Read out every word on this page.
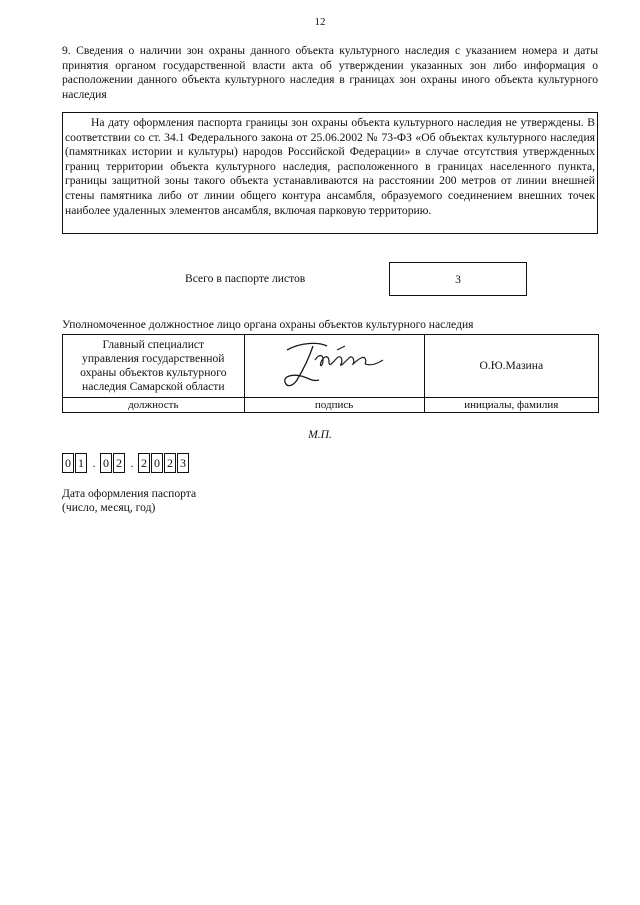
12
9. Сведения о наличии зон охраны данного объекта культурного наследия с указанием номера и даты принятия органом государственной власти акта об утверждении указанных зон либо информация о расположении данного объекта культурного наследия в границах зон охраны иного объекта культурного наследия
На дату оформления паспорта границы зон охраны объекта культурного наследия не утверждены. В соответствии со ст. 34.1 Федерального закона от 25.06.2002 № 73-ФЗ «Об объектах культурного наследия (памятниках истории и культуры) народов Российской Федерации» в случае отсутствия утвержденных границ территории объекта культурного наследия, расположенного в границах населенного пункта, границы защитной зоны такого объекта устанавливаются на расстоянии 200 метров от линии внешней стены памятника либо от линии общего контура ансамбля, образуемого соединением внешних точек наиболее удаленных элементов ансамбля, включая парковую территорию.
Всего в паспорте листов	3
Уполномоченное должностное лицо органа охраны объектов культурного наследия
Главный специалист
управления государственной
охраны объектов культурного
наследия Самарской области		О.Ю.Мазина
должность	подпись	инициалы, фамилия
М.П.
0 1 . 0 2 . 2 0 2 3
Дата оформления паспорта
(число, месяц, год)
